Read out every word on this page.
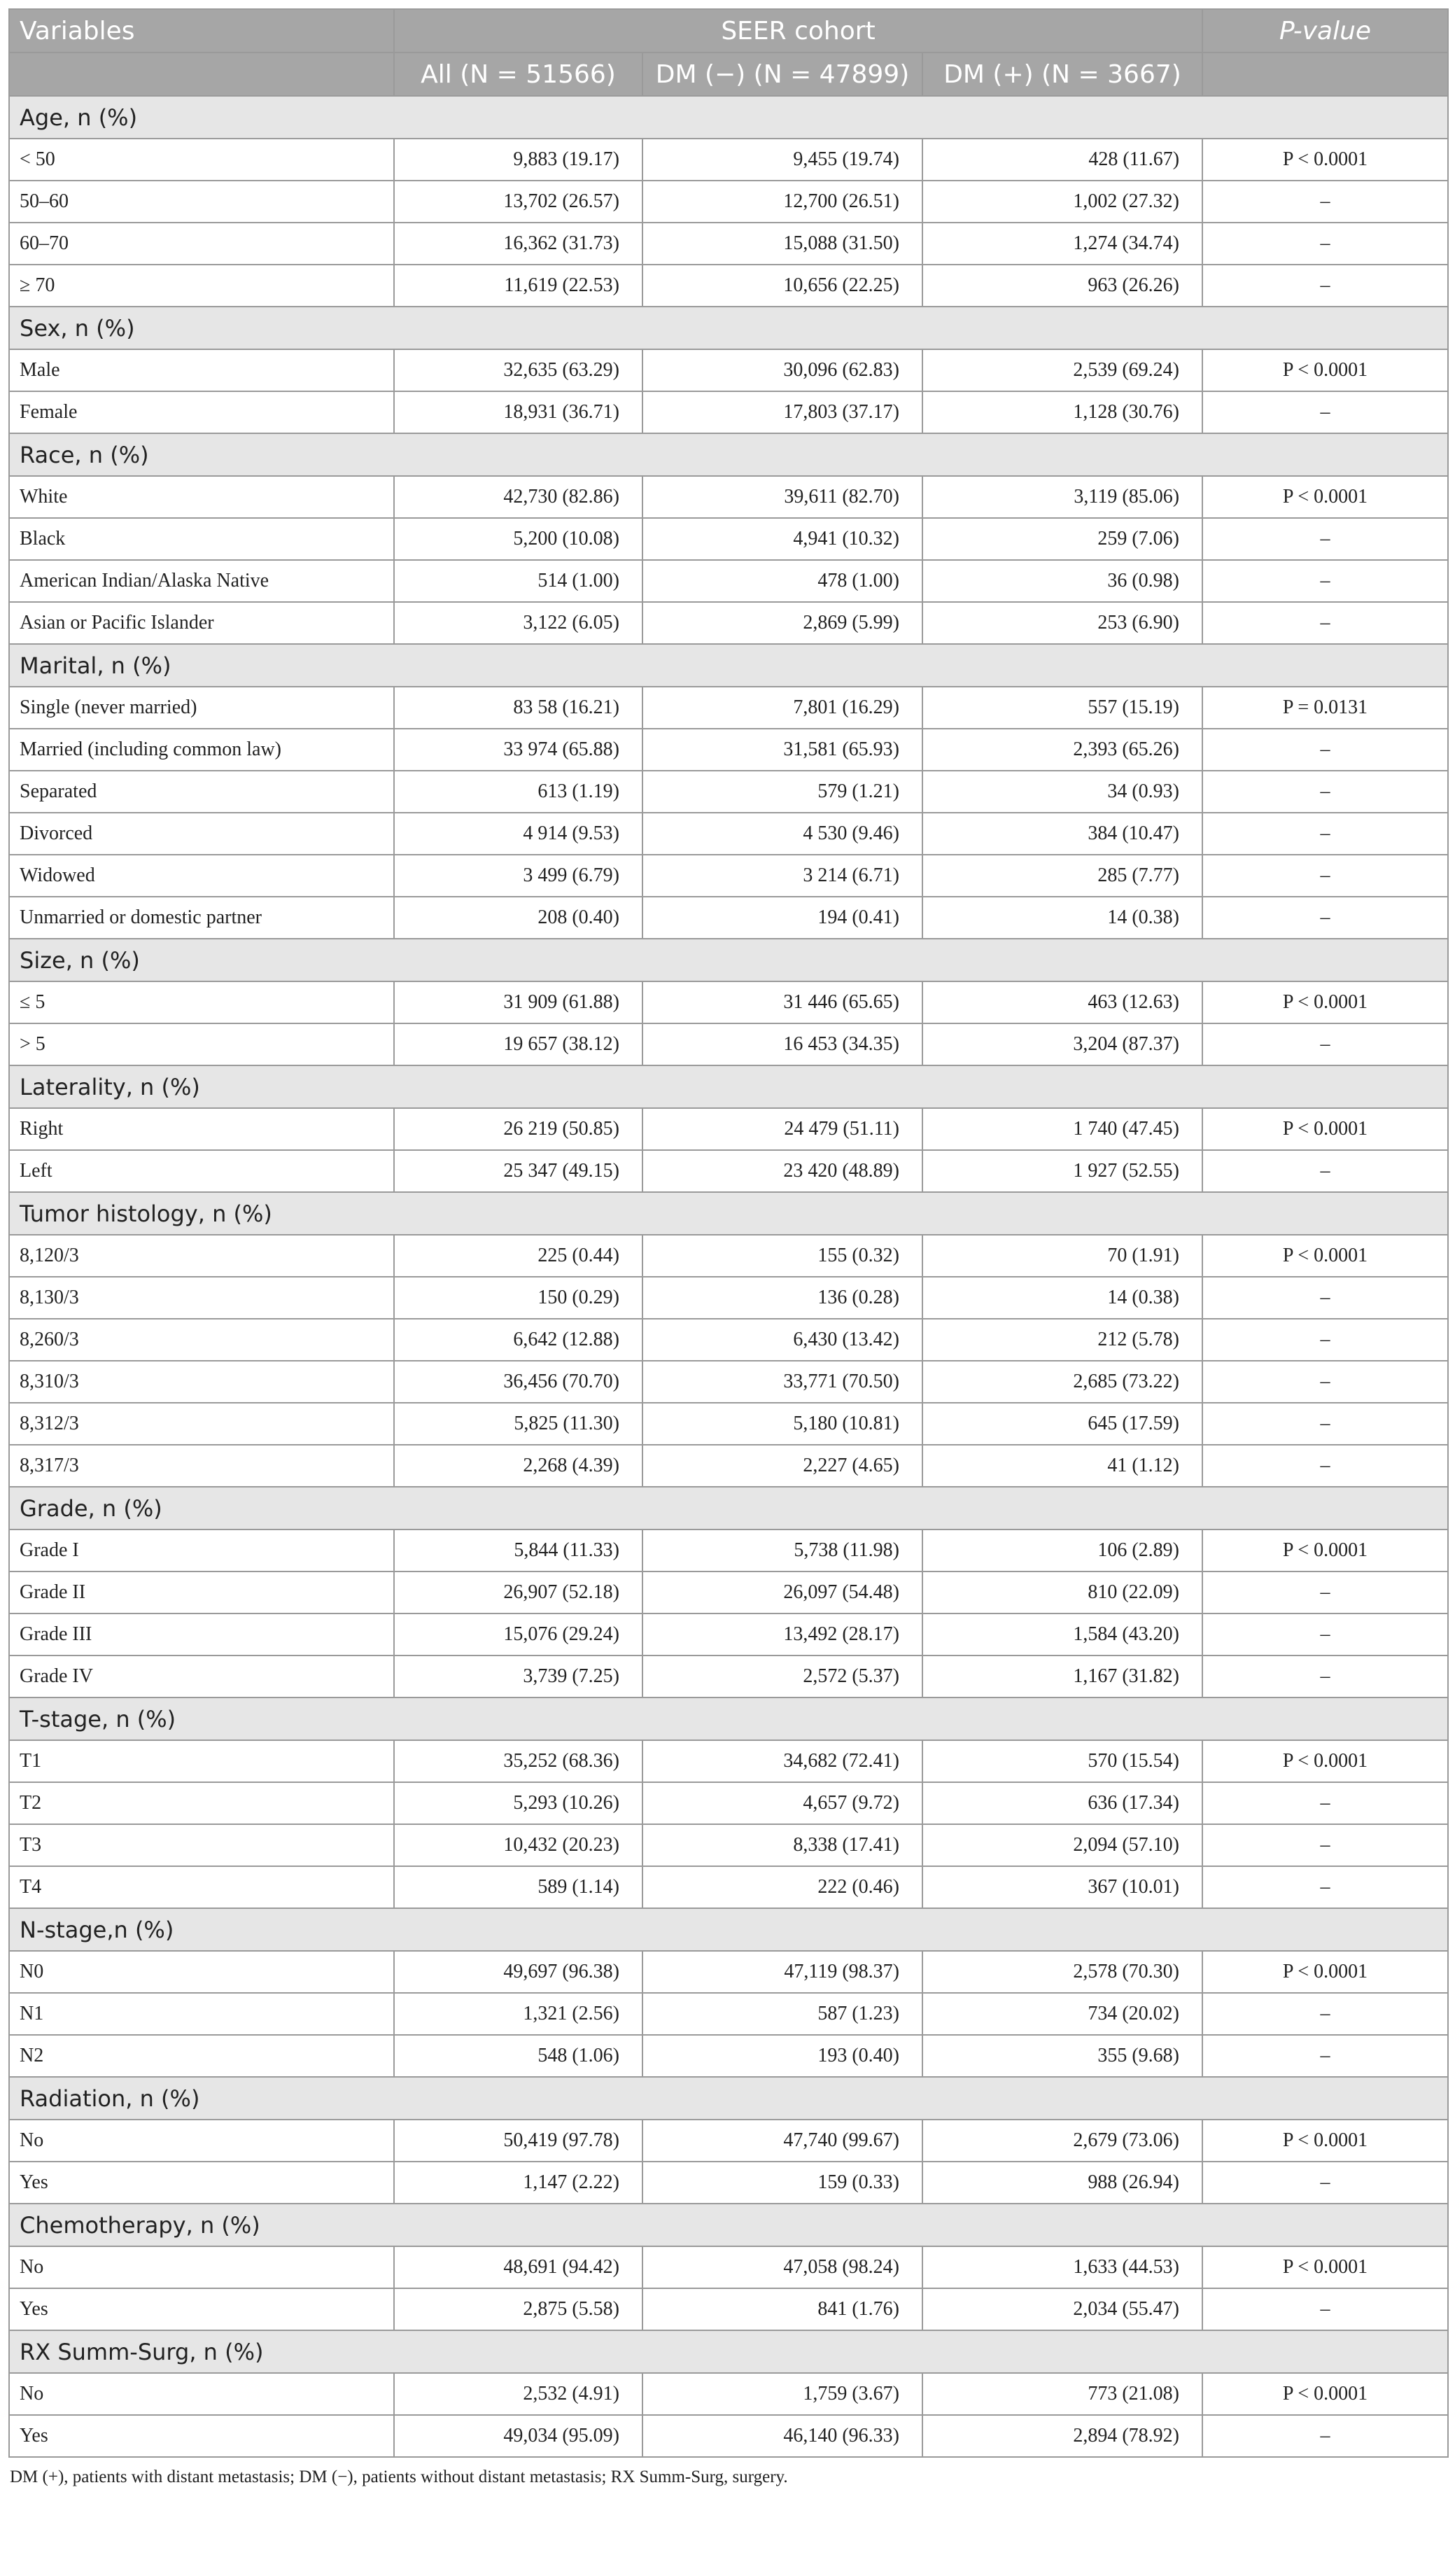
Variables	SEER cohort			P-value
	All (N = 51566)	DM (−) (N = 47899)	DM (+) (N = 3667)	
Age, n (%)				
< 50	9,883 (19.17)	9,455 (19.74)	428 (11.67)	P < 0.0001
50–60	13,702 (26.57)	12,700 (26.51)	1,002 (27.32)	–
60–70	16,362 (31.73)	15,088 (31.50)	1,274 (34.74)	–
≥ 70	11,619 (22.53)	10,656 (22.25)	963 (26.26)	–
Sex, n (%)				
Male	32,635 (63.29)	30,096 (62.83)	2,539 (69.24)	P < 0.0001
Female	18,931 (36.71)	17,803 (37.17)	1,128 (30.76)	–
Race, n (%)				
White	42,730 (82.86)	39,611 (82.70)	3,119 (85.06)	P < 0.0001
Black	5,200 (10.08)	4,941 (10.32)	259 (7.06)	–
American Indian/Alaska Native	514 (1.00)	478 (1.00)	36 (0.98)	–
Asian or Pacific Islander	3,122 (6.05)	2,869 (5.99)	253 (6.90)	–
Marital, n (%)				
Single (never married)	83 58 (16.21)	7,801 (16.29)	557 (15.19)	P = 0.0131
Married (including common law)	33 974 (65.88)	31,581 (65.93)	2,393 (65.26)	–
Separated	613 (1.19)	579 (1.21)	34 (0.93)	–
Divorced	4 914 (9.53)	4 530 (9.46)	384 (10.47)	–
Widowed	3 499 (6.79)	3 214 (6.71)	285 (7.77)	–
Unmarried or domestic partner	208 (0.40)	194 (0.41)	14 (0.38)	–
Size, n (%)				
≤ 5	31 909 (61.88)	31 446 (65.65)	463 (12.63)	P < 0.0001
> 5	19 657 (38.12)	16 453 (34.35)	3,204 (87.37)	–
Laterality, n (%)				
Right	26 219 (50.85)	24 479 (51.11)	1 740 (47.45)	P < 0.0001
Left	25 347 (49.15)	23 420 (48.89)	1 927 (52.55)	–
Tumor histology, n (%)				
8,120/3	225 (0.44)	155 (0.32)	70 (1.91)	P < 0.0001
8,130/3	150 (0.29)	136 (0.28)	14 (0.38)	–
8,260/3	6,642 (12.88)	6,430 (13.42)	212 (5.78)	–
8,310/3	36,456 (70.70)	33,771 (70.50)	2,685 (73.22)	–
8,312/3	5,825 (11.30)	5,180 (10.81)	645 (17.59)	–
8,317/3	2,268 (4.39)	2,227 (4.65)	41 (1.12)	–
Grade, n (%)				
Grade I	5,844 (11.33)	5,738 (11.98)	106 (2.89)	P < 0.0001
Grade II	26,907 (52.18)	26,097 (54.48)	810 (22.09)	–
Grade III	15,076 (29.24)	13,492 (28.17)	1,584 (43.20)	–
Grade IV	3,739 (7.25)	2,572 (5.37)	1,167 (31.82)	–
T-stage, n (%)				
T1	35,252 (68.36)	34,682 (72.41)	570 (15.54)	P < 0.0001
T2	5,293 (10.26)	4,657 (9.72)	636 (17.34)	–
T3	10,432 (20.23)	8,338 (17.41)	2,094 (57.10)	–
T4	589 (1.14)	222 (0.46)	367 (10.01)	–
N-stage,n (%)				
N0	49,697 (96.38)	47,119 (98.37)	2,578 (70.30)	P < 0.0001
N1	1,321 (2.56)	587 (1.23)	734 (20.02)	–
N2	548 (1.06)	193 (0.40)	355 (9.68)	–
Radiation, n (%)				
No	50,419 (97.78)	47,740 (99.67)	2,679 (73.06)	P < 0.0001
Yes	1,147 (2.22)	159 (0.33)	988 (26.94)	–
Chemotherapy, n (%)				
No	48,691 (94.42)	47,058 (98.24)	1,633 (44.53)	P < 0.0001
Yes	2,875 (5.58)	841 (1.76)	2,034 (55.47)	–
RX Summ-Surg, n (%)				
No	2,532 (4.91)	1,759 (3.67)	773 (21.08)	P < 0.0001
Yes	49,034 (95.09)	46,140 (96.33)	2,894 (78.92)	–
DM (+), patients with distant metastasis; DM (−), patients without distant metastasis; RX Summ-Surg, surgery.
